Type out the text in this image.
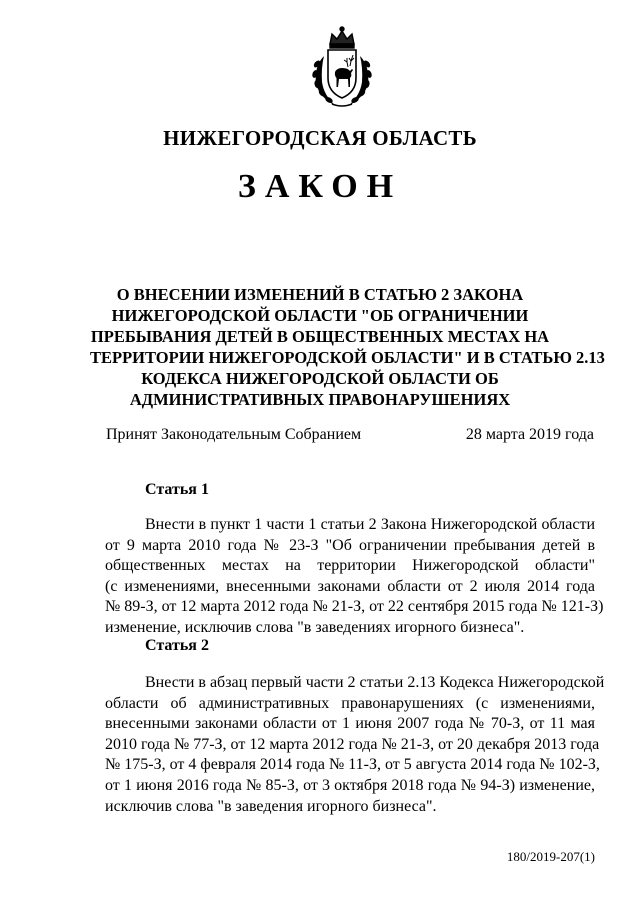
НИЖЕГОРОДСКАЯ ОБЛАСТЬ
ЗАКОН
О ВНЕСЕНИИ ИЗМЕНЕНИЙ В СТАТЬЮ 2 ЗАКОНА
НИЖЕГОРОДСКОЙ ОБЛАСТИ "ОБ ОГРАНИЧЕНИИ
ПРЕБЫВАНИЯ ДЕТЕЙ В ОБЩЕСТВЕННЫХ МЕСТАХ НА
ТЕРРИТОРИИ НИЖЕГОРОДСКОЙ ОБЛАСТИ" И В СТАТЬЮ 2.13
КОДЕКСА НИЖЕГОРОДСКОЙ ОБЛАСТИ ОБ
АДМИНИСТРАТИВНЫХ ПРАВОНАРУШЕНИЯХ
Принят Законодательным Собранием	28 марта 2019 года
Статья 1
Внести в пункт 1 части 1 статьи 2 Закона Нижегородской области
от 9 марта 2010 года № 23-З "Об ограничении пребывания детей в
общественных местах на территории Нижегородской области"
(с изменениями, внесенными законами области от 2 июля 2014 года
№ 89-З, от 12 марта 2012 года № 21-З, от 22 сентября 2015 года № 121-З)
изменение, исключив слова "в заведениях игорного бизнеса".
Статья 2
Внести в абзац первый части 2 статьи 2.13 Кодекса Нижегородской
области об административных правонарушениях (с изменениями,
внесенными законами области от 1 июня 2007 года № 70-З, от 11 мая
2010 года № 77-З, от 12 марта 2012 года № 21-З, от 20 декабря 2013 года
№ 175-З, от 4 февраля 2014 года № 11-З, от 5 августа 2014 года № 102-З,
от 1 июня 2016 года № 85-З, от 3 октября 2018 года № 94-З) изменение,
исключив слова "в заведения игорного бизнеса".
180/2019-207(1)
